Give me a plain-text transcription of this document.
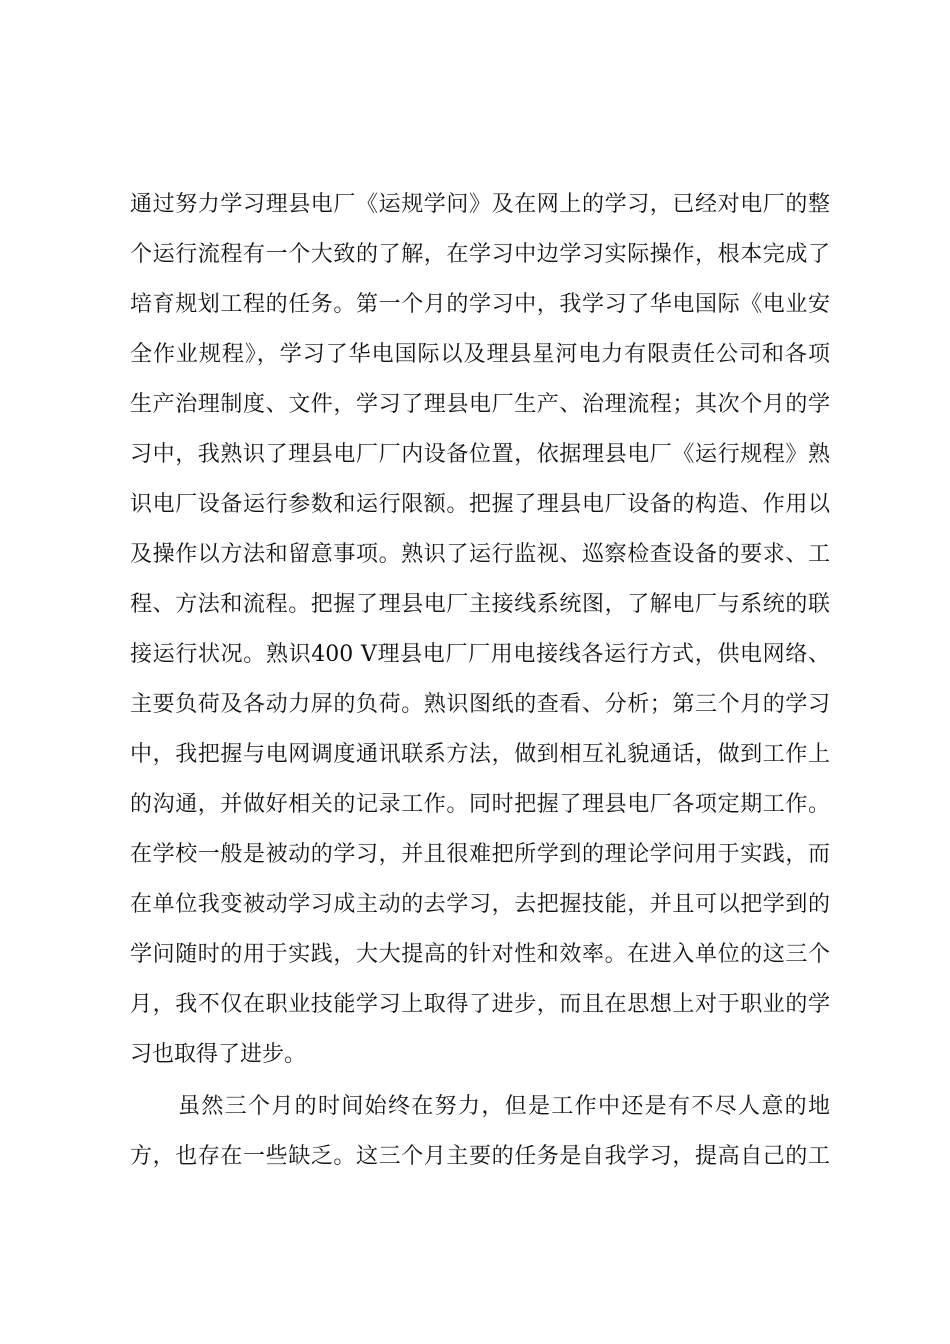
通过努力学习理县电厂《运规学问》及在网上的学习，已经对电厂的整
个运行流程有一个大致的了解，在学习中边学习实际操作，根本完成了
培育规划工程的任务。第一个月的学习中，我学习了华电国际《电业安
全作业规程》，学习了华电国际以及理县星河电力有限责任公司和各项
生产治理制度、文件，学习了理县电厂生产、治理流程；其次个月的学
习中，我熟识了理县电厂厂内设备位置，依据理县电厂《运行规程》熟
识电厂设备运行参数和运行限额。把握了理县电厂设备的构造、作用以
及操作以方法和留意事项。熟识了运行监视、巡察检查设备的要求、工
程、方法和流程。把握了理县电厂主接线系统图，了解电厂与系统的联
接运行状况。熟识400 V理县电厂厂用电接线各运行方式，供电网络、
主要负荷及各动力屏的负荷。熟识图纸的查看、分析；第三个月的学习
中，我把握与电网调度通讯联系方法，做到相互礼貌通话，做到工作上
的沟通，并做好相关的记录工作。同时把握了理县电厂各项定期工作。
在学校一般是被动的学习，并且很难把所学到的理论学问用于实践，而
在单位我变被动学习成主动的去学习，去把握技能，并且可以把学到的
学问随时的用于实践，大大提高的针对性和效率。在进入单位的这三个
月，我不仅在职业技能学习上取得了进步，而且在思想上对于职业的学
习也取得了进步。
虽然三个月的时间始终在努力，但是工作中还是有不尽人意的地
方，也存在一些缺乏。这三个月主要的任务是自我学习，提高自己的工
